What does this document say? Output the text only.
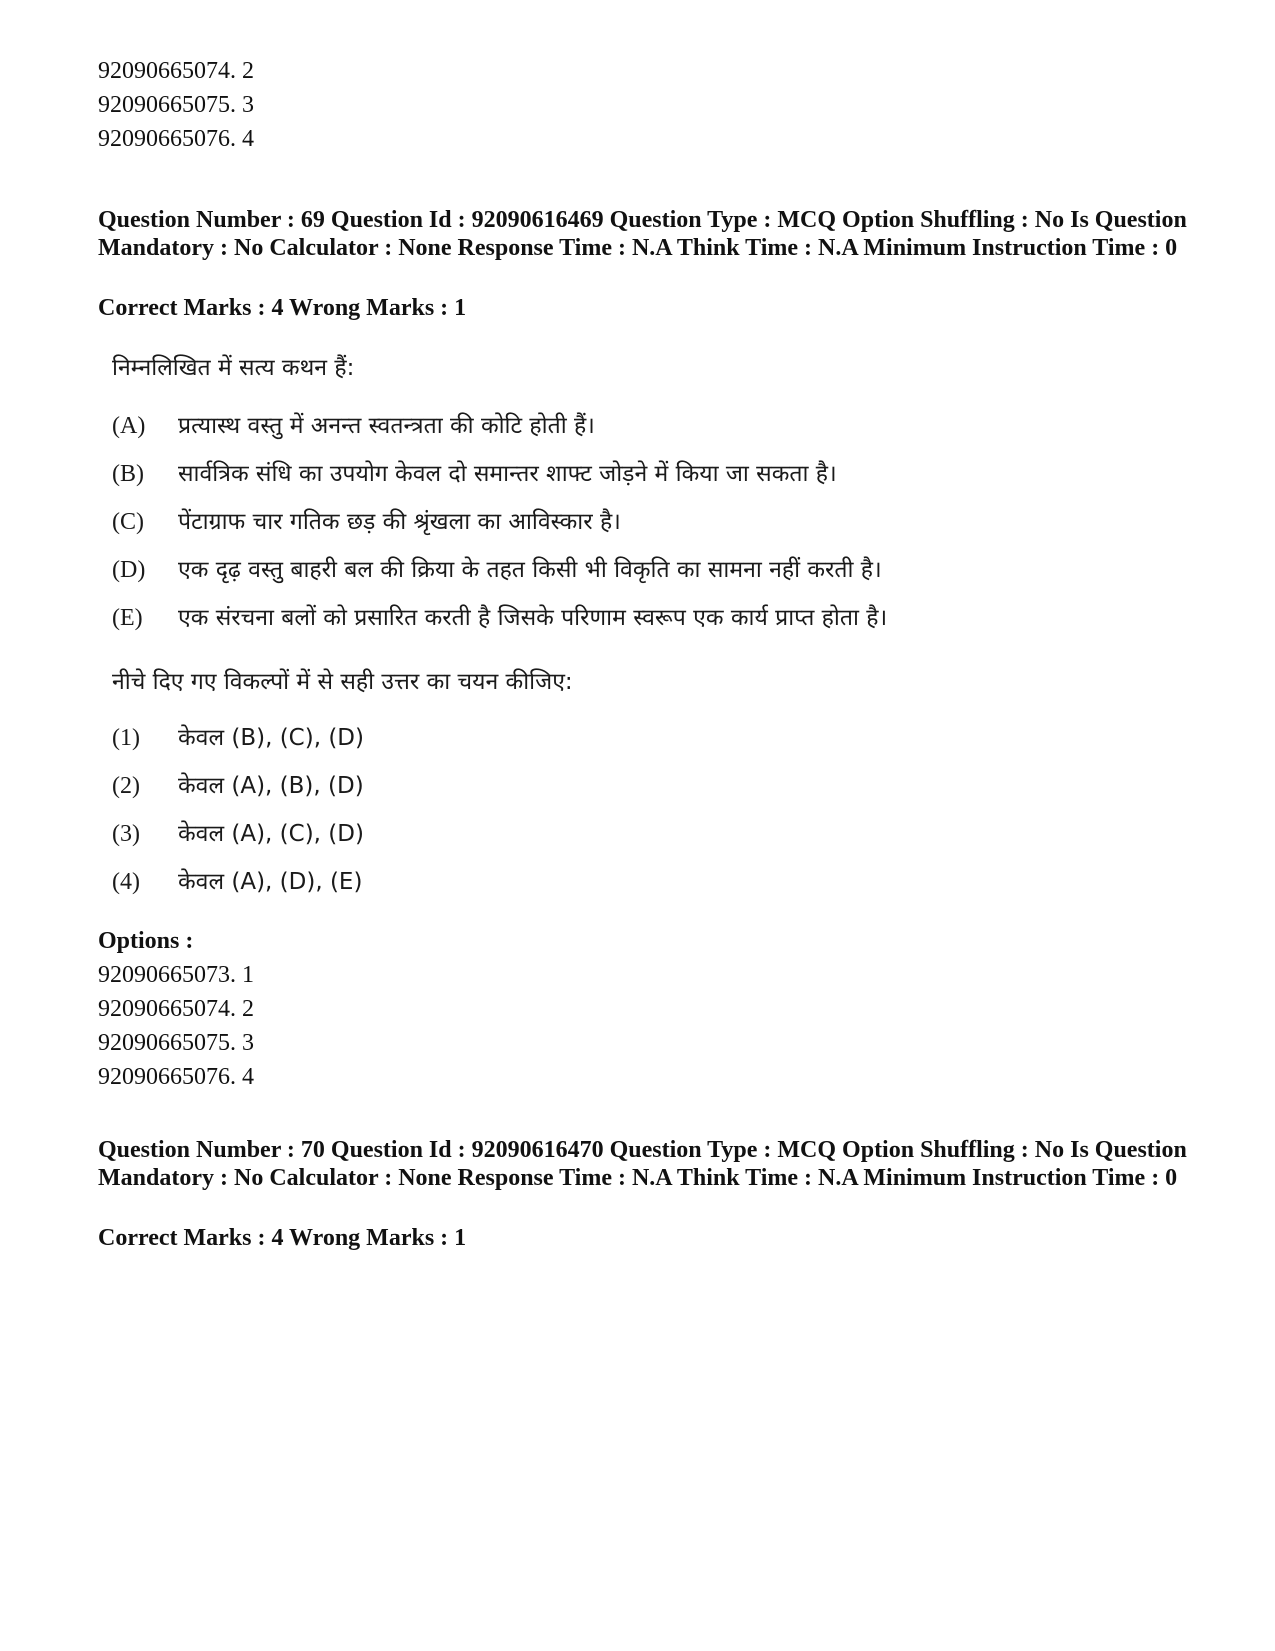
92090665074. 2
92090665075. 3
92090665076. 4
Question Number : 69 Question Id : 92090616469 Question Type : MCQ Option Shuffling : No Is Question Mandatory : No Calculator : None Response Time : N.A Think Time : N.A Minimum Instruction Time : 0
Correct Marks : 4 Wrong Marks : 1
निम्नलिखित में सत्य कथन हैं:
(A) प्रत्यास्थ वस्तु में अनन्त स्वतन्त्रता की कोटि होती हैं।
(B) सार्वत्रिक संधि का उपयोग केवल दो समान्तर शाफ्ट जोड़ने में किया जा सकता है।
(C) पेंटाग्राफ चार गतिक छड़ की श्रृंखला का आविस्कार है।
(D) एक दृढ़ वस्तु बाहरी बल की क्रिया के तहत किसी भी विकृति का सामना नहीं करती है।
(E) एक संरचना बलों को प्रसारित करती है जिसके परिणाम स्वरूप एक कार्य प्राप्त होता है।
नीचे दिए गए विकल्पों में से सही उत्तर का चयन कीजिए:
(1) केवल (B), (C), (D)
(2) केवल (A), (B), (D)
(3) केवल (A), (C), (D)
(4) केवल (A), (D), (E)
Options :
92090665073. 1
92090665074. 2
92090665075. 3
92090665076. 4
Question Number : 70 Question Id : 92090616470 Question Type : MCQ Option Shuffling : No Is Question Mandatory : No Calculator : None Response Time : N.A Think Time : N.A Minimum Instruction Time : 0
Correct Marks : 4 Wrong Marks : 1
